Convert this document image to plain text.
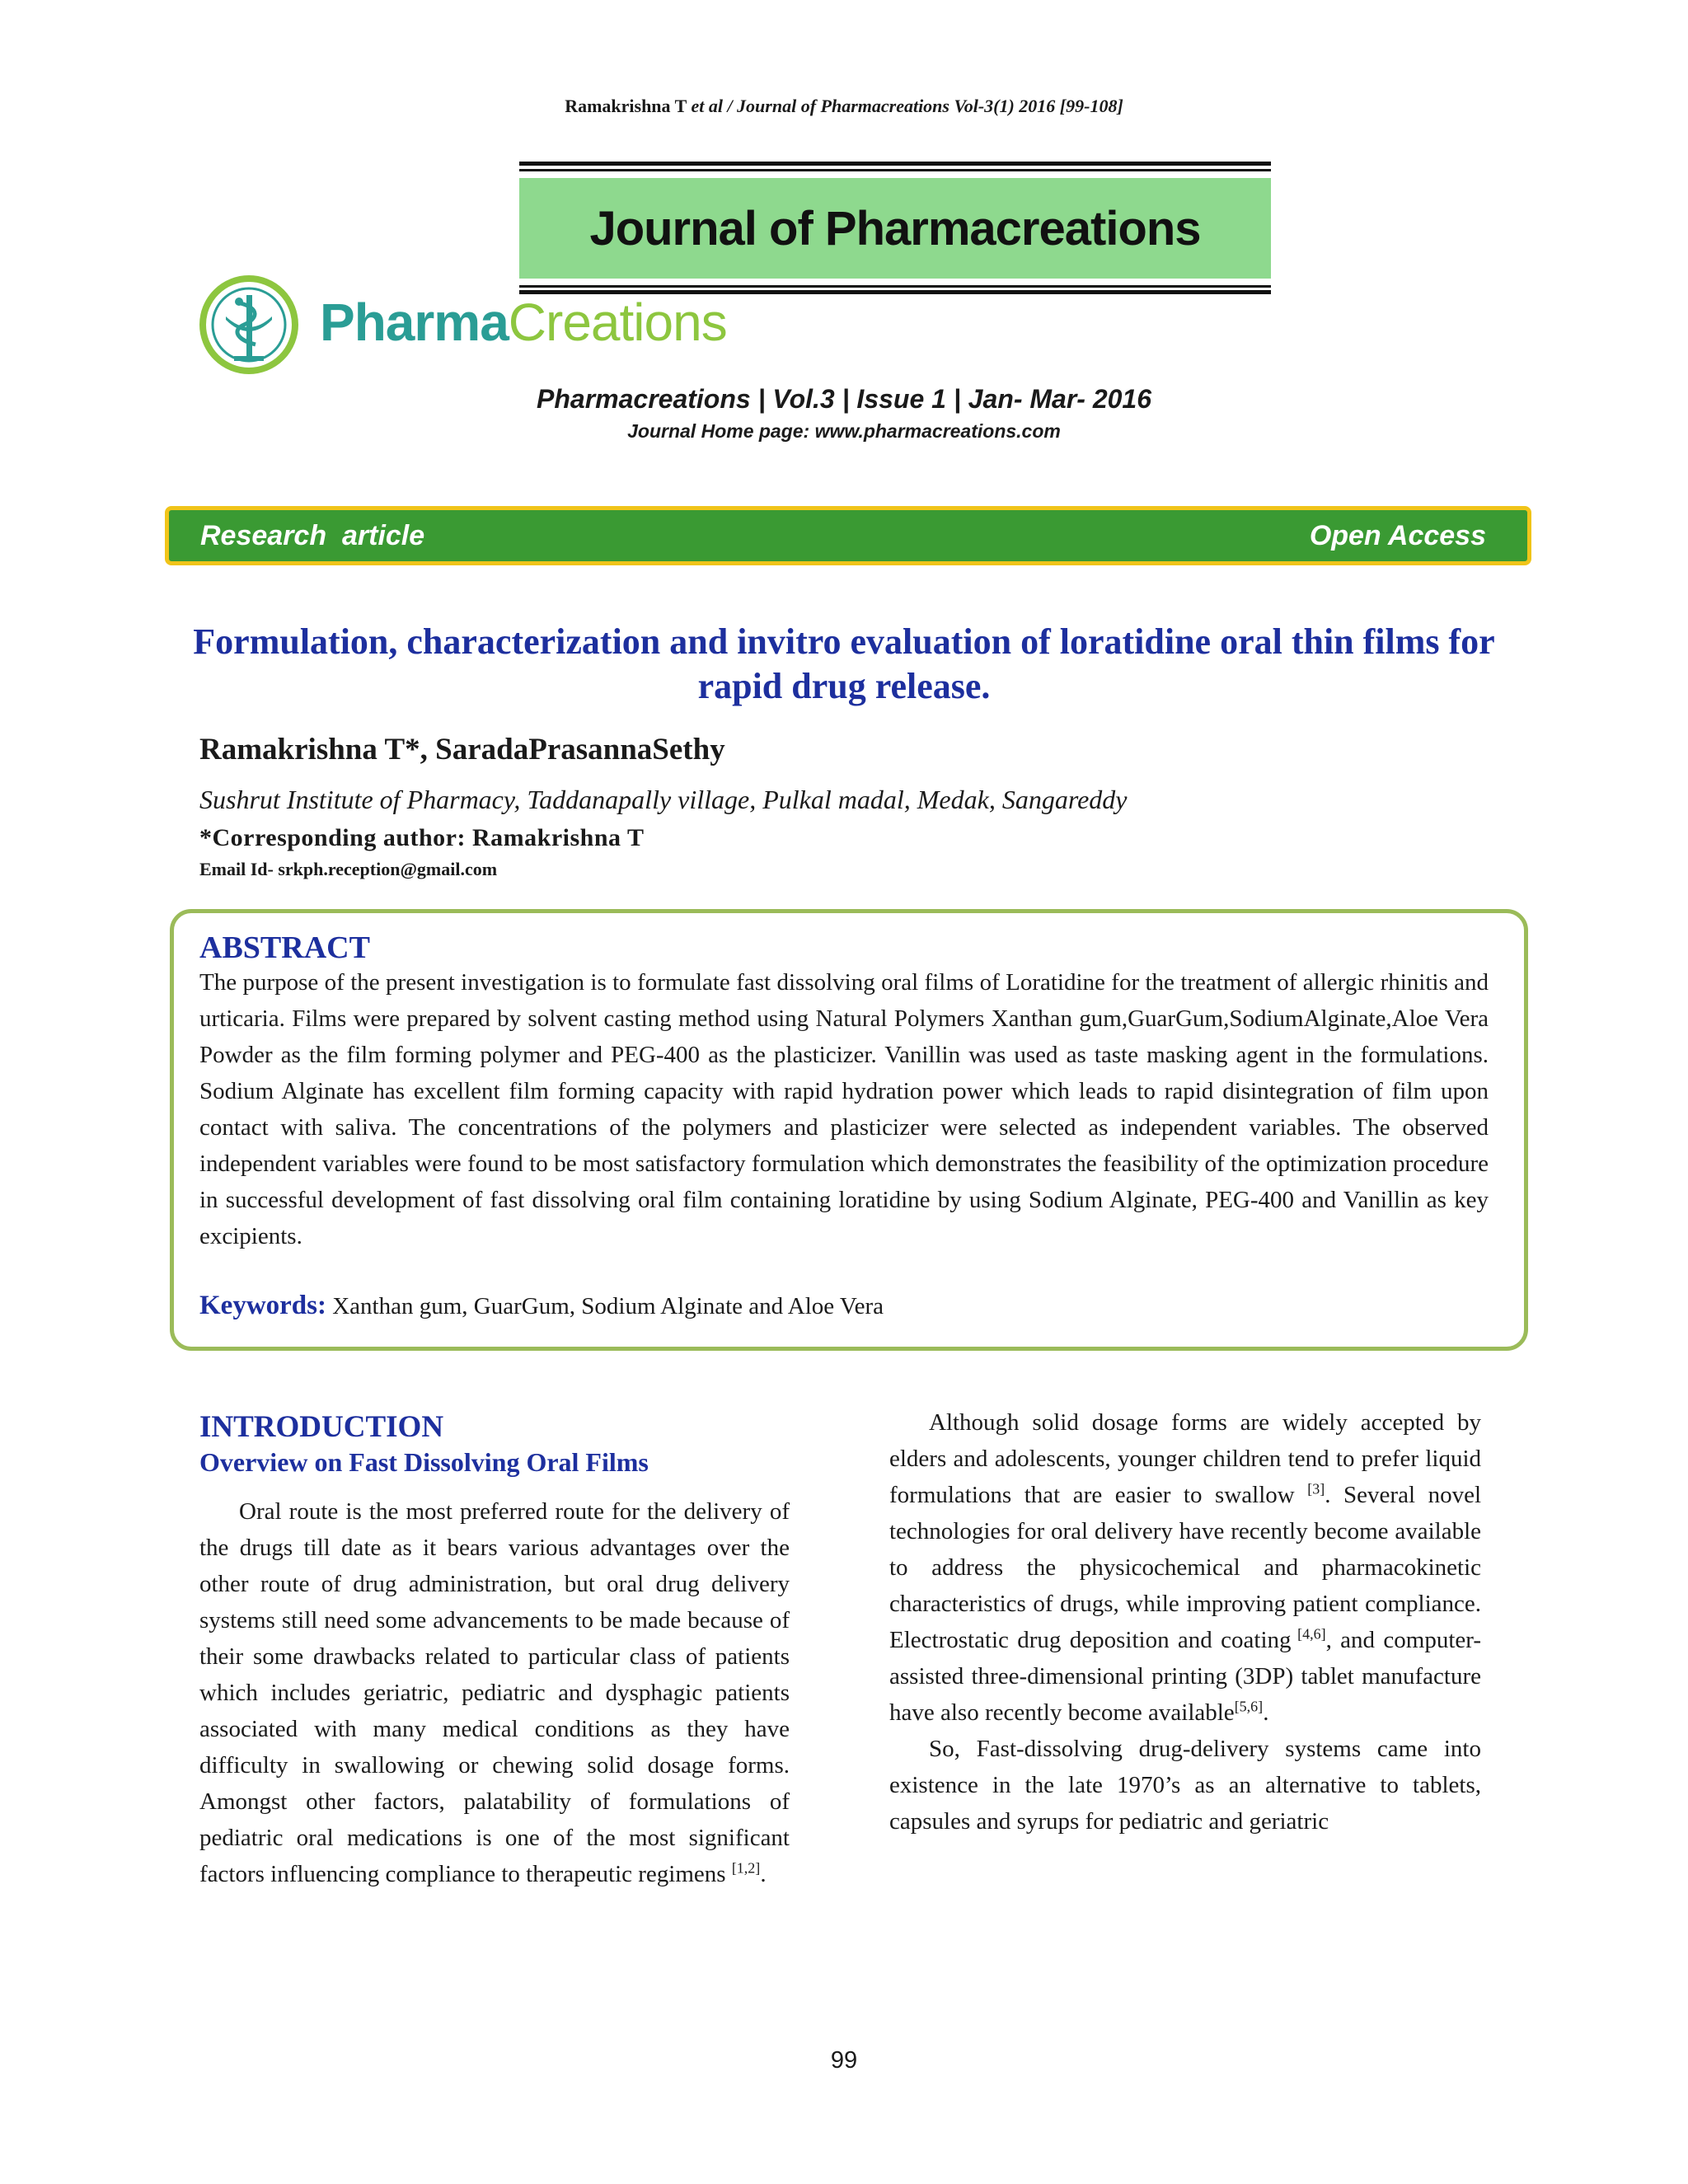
Ramakrishna T et al / Journal of Pharmacreations Vol-3(1) 2016 [99-108]
Journal of Pharmacreations
PharmaCreations
Pharmacreations | Vol.3 | Issue 1 | Jan- Mar- 2016
Journal Home page: www.pharmacreations.com
Research  article	Open Access
Formulation, characterization and invitro evaluation of loratidine oral thin films for rapid drug release.
Ramakrishna T*, SaradaPrasannaSethy
Sushrut Institute of Pharmacy, Taddanapally village, Pulkal madal, Medak, Sangareddy
*Corresponding author: Ramakrishna T
Email Id- srkph.reception@gmail.com
ABSTRACT
The purpose of the present investigation is to formulate fast dissolving oral films of Loratidine for the treatment of allergic rhinitis and urticaria. Films were prepared by solvent casting method using Natural Polymers Xanthan gum,GuarGum,SodiumAlginate,Aloe Vera Powder as the film forming polymer and PEG-400 as the plasticizer. Vanillin was used as taste masking agent in the formulations. Sodium Alginate has excellent film forming capacity with rapid hydration power which leads to rapid disintegration of film upon contact with saliva. The concentrations of the polymers and plasticizer were selected as independent variables. The observed independent variables were found to be most satisfactory formulation which demonstrates the feasibility of the optimization procedure in successful development of fast dissolving oral film containing loratidine by using Sodium Alginate, PEG-400 and Vanillin as key excipients.
Keywords: Xanthan gum, GuarGum, Sodium Alginate and Aloe Vera
INTRODUCTION
Overview on Fast Dissolving Oral Films

Oral route is the most preferred route for the delivery of the drugs till date as it bears various advantages over the other route of drug administration, but oral drug delivery systems still need some advancements to be made because of their some drawbacks related to particular class of patients which includes geriatric, pediatric and dysphagic patients associated with many medical conditions as they have difficulty in swallowing or chewing solid dosage forms. Amongst other factors, palatability of formulations of pediatric oral medications is one of the most significant factors influencing compliance to therapeutic regimens [1,2].

Although solid dosage forms are widely accepted by elders and adolescents, younger children tend to prefer liquid formulations that are easier to swallow [3]. Several novel technologies for oral delivery have recently become available to address the physicochemical and pharmacokinetic characteristics of drugs, while improving patient compliance. Electrostatic drug deposition and coating [4,6], and computer-assisted three-dimensional printing (3DP) tablet manufacture have also recently become available[5,6].

So, Fast-dissolving drug-delivery systems came into existence in the late 1970’s as an alternative to tablets, capsules and syrups for pediatric and geriatric

99
